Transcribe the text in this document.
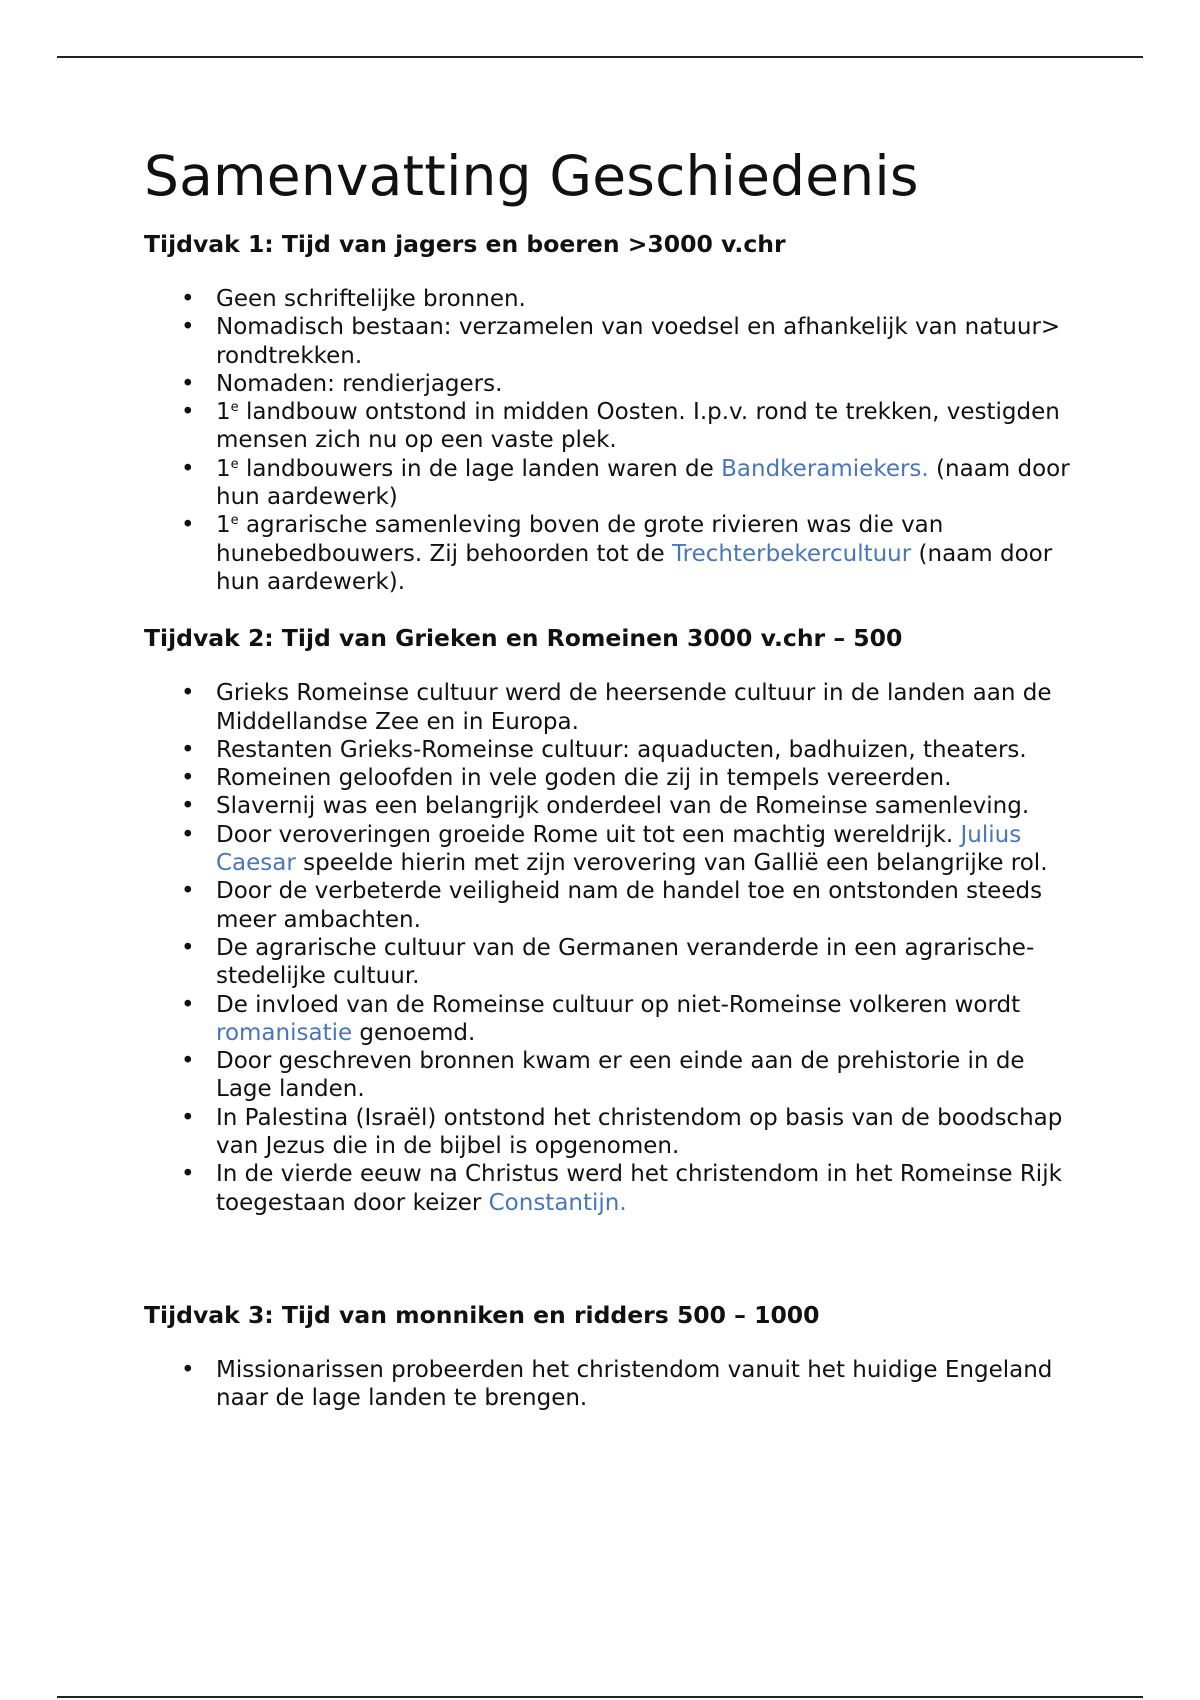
Samenvatting Geschiedenis
Tijdvak 1: Tijd van jagers en boeren >3000 v.chr
• Geen schriftelijke bronnen.
• Nomadisch bestaan: verzamelen van voedsel en afhankelijk van natuur> rondtrekken.
• Nomaden: rendierjagers.
• 1e landbouw ontstond in midden Oosten. I.p.v. rond te trekken, vestigden mensen zich nu op een vaste plek.
• 1e landbouwers in de lage landen waren de Bandkeramiekers. (naam door hun aardewerk)
• 1e agrarische samenleving boven de grote rivieren was die van hunebedbouwers. Zij behoorden tot de Trechterbekercultuur (naam door hun aardewerk).
Tijdvak 2: Tijd van Grieken en Romeinen 3000 v.chr – 500
• Grieks Romeinse cultuur werd de heersende cultuur in de landen aan de Middellandse Zee en in Europa.
• Restanten Grieks-Romeinse cultuur: aquaducten, badhuizen, theaters.
• Romeinen geloofden in vele goden die zij in tempels vereerden.
• Slavernij was een belangrijk onderdeel van de Romeinse samenleving.
• Door veroveringen groeide Rome uit tot een machtig wereldrijk. Julius Caesar speelde hierin met zijn verovering van Gallië een belangrijke rol.
• Door de verbeterde veiligheid nam de handel toe en ontstonden steeds meer ambachten.
• De agrarische cultuur van de Germanen veranderde in een agrarische-stedelijke cultuur.
• De invloed van de Romeinse cultuur op niet-Romeinse volkeren wordt romanisatie genoemd.
• Door geschreven bronnen kwam er een einde aan de prehistorie in de Lage landen.
• In Palestina (Israël) ontstond het christendom op basis van de boodschap van Jezus die in de bijbel is opgenomen.
• In de vierde eeuw na Christus werd het christendom in het Romeinse Rijk toegestaan door keizer Constantijn.
Tijdvak 3: Tijd van monniken en ridders 500 – 1000
• Missionarissen probeerden het christendom vanuit het huidige Engeland naar de lage landen te brengen.
